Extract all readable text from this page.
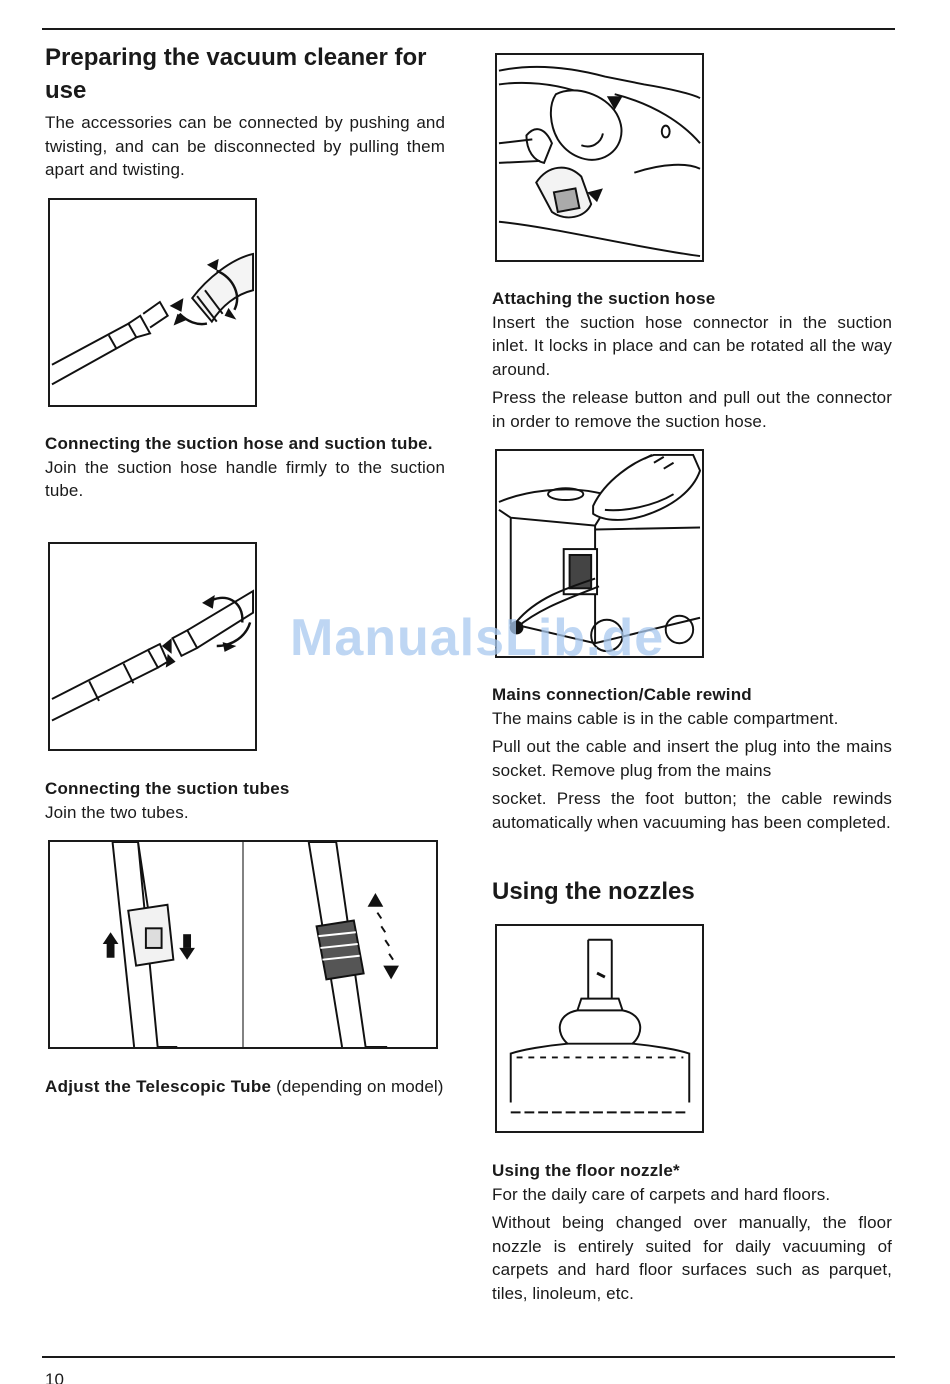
Preparing the vacuum cleaner for use
The accessories can be connected by pushing and twisting, and can be disconnected by pulling them apart and twisting.
Connecting the suction hose and suction tube.
Join the suction hose handle firmly to the suction tube.
Connecting the suction tubes
Join the two tubes.
Adjust the Telescopic Tube (depending on model)
Attaching the suction hose
Insert the suction hose connector in the suction inlet. It locks in place and can be rotated all the way around.
Press the release button and pull out the connector in order to remove the suction hose.
Mains connection/Cable rewind
The mains cable is in the cable compartment.
Pull out the cable and insert the plug into the mains socket. Remove plug from the mains
socket. Press the foot button; the cable rewinds automatically when vacuuming has been completed.
Using the nozzles
Using the floor nozzle*
For the daily care of carpets and hard floors.
Without being changed over manually, the floor nozzle is entirely suited for daily vacuuming of carpets and hard floor surfaces such as parquet, tiles, linoleum, etc.
ManualsLib.de
10
